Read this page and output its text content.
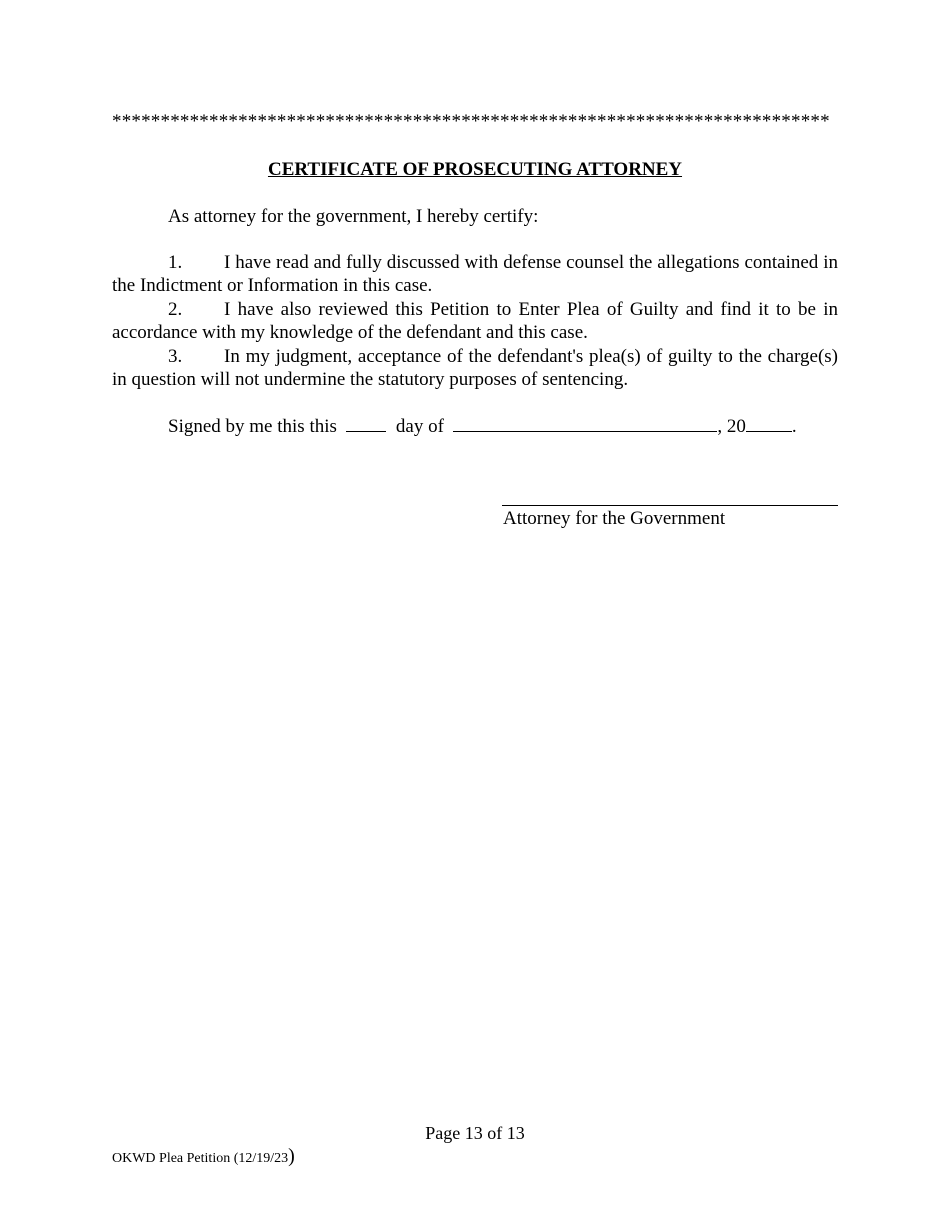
**************************************************************************
CERTIFICATE OF PROSECUTING ATTORNEY
As attorney for the government, I hereby certify:

1. I have read and fully discussed with defense counsel the allegations contained in the Indictment or Information in this case.

2. I have also reviewed this Petition to Enter Plea of Guilty and find it to be in accordance with my knowledge of the defendant and this case.

3. In my judgment, acceptance of the defendant's plea(s) of guilty to the charge(s) in question will not undermine the statutory purposes of sentencing.

Signed by me this this	day of	, 20 .
Attorney for the Government
Page 13 of 13
OKWD Plea Petition (12/19/23)
